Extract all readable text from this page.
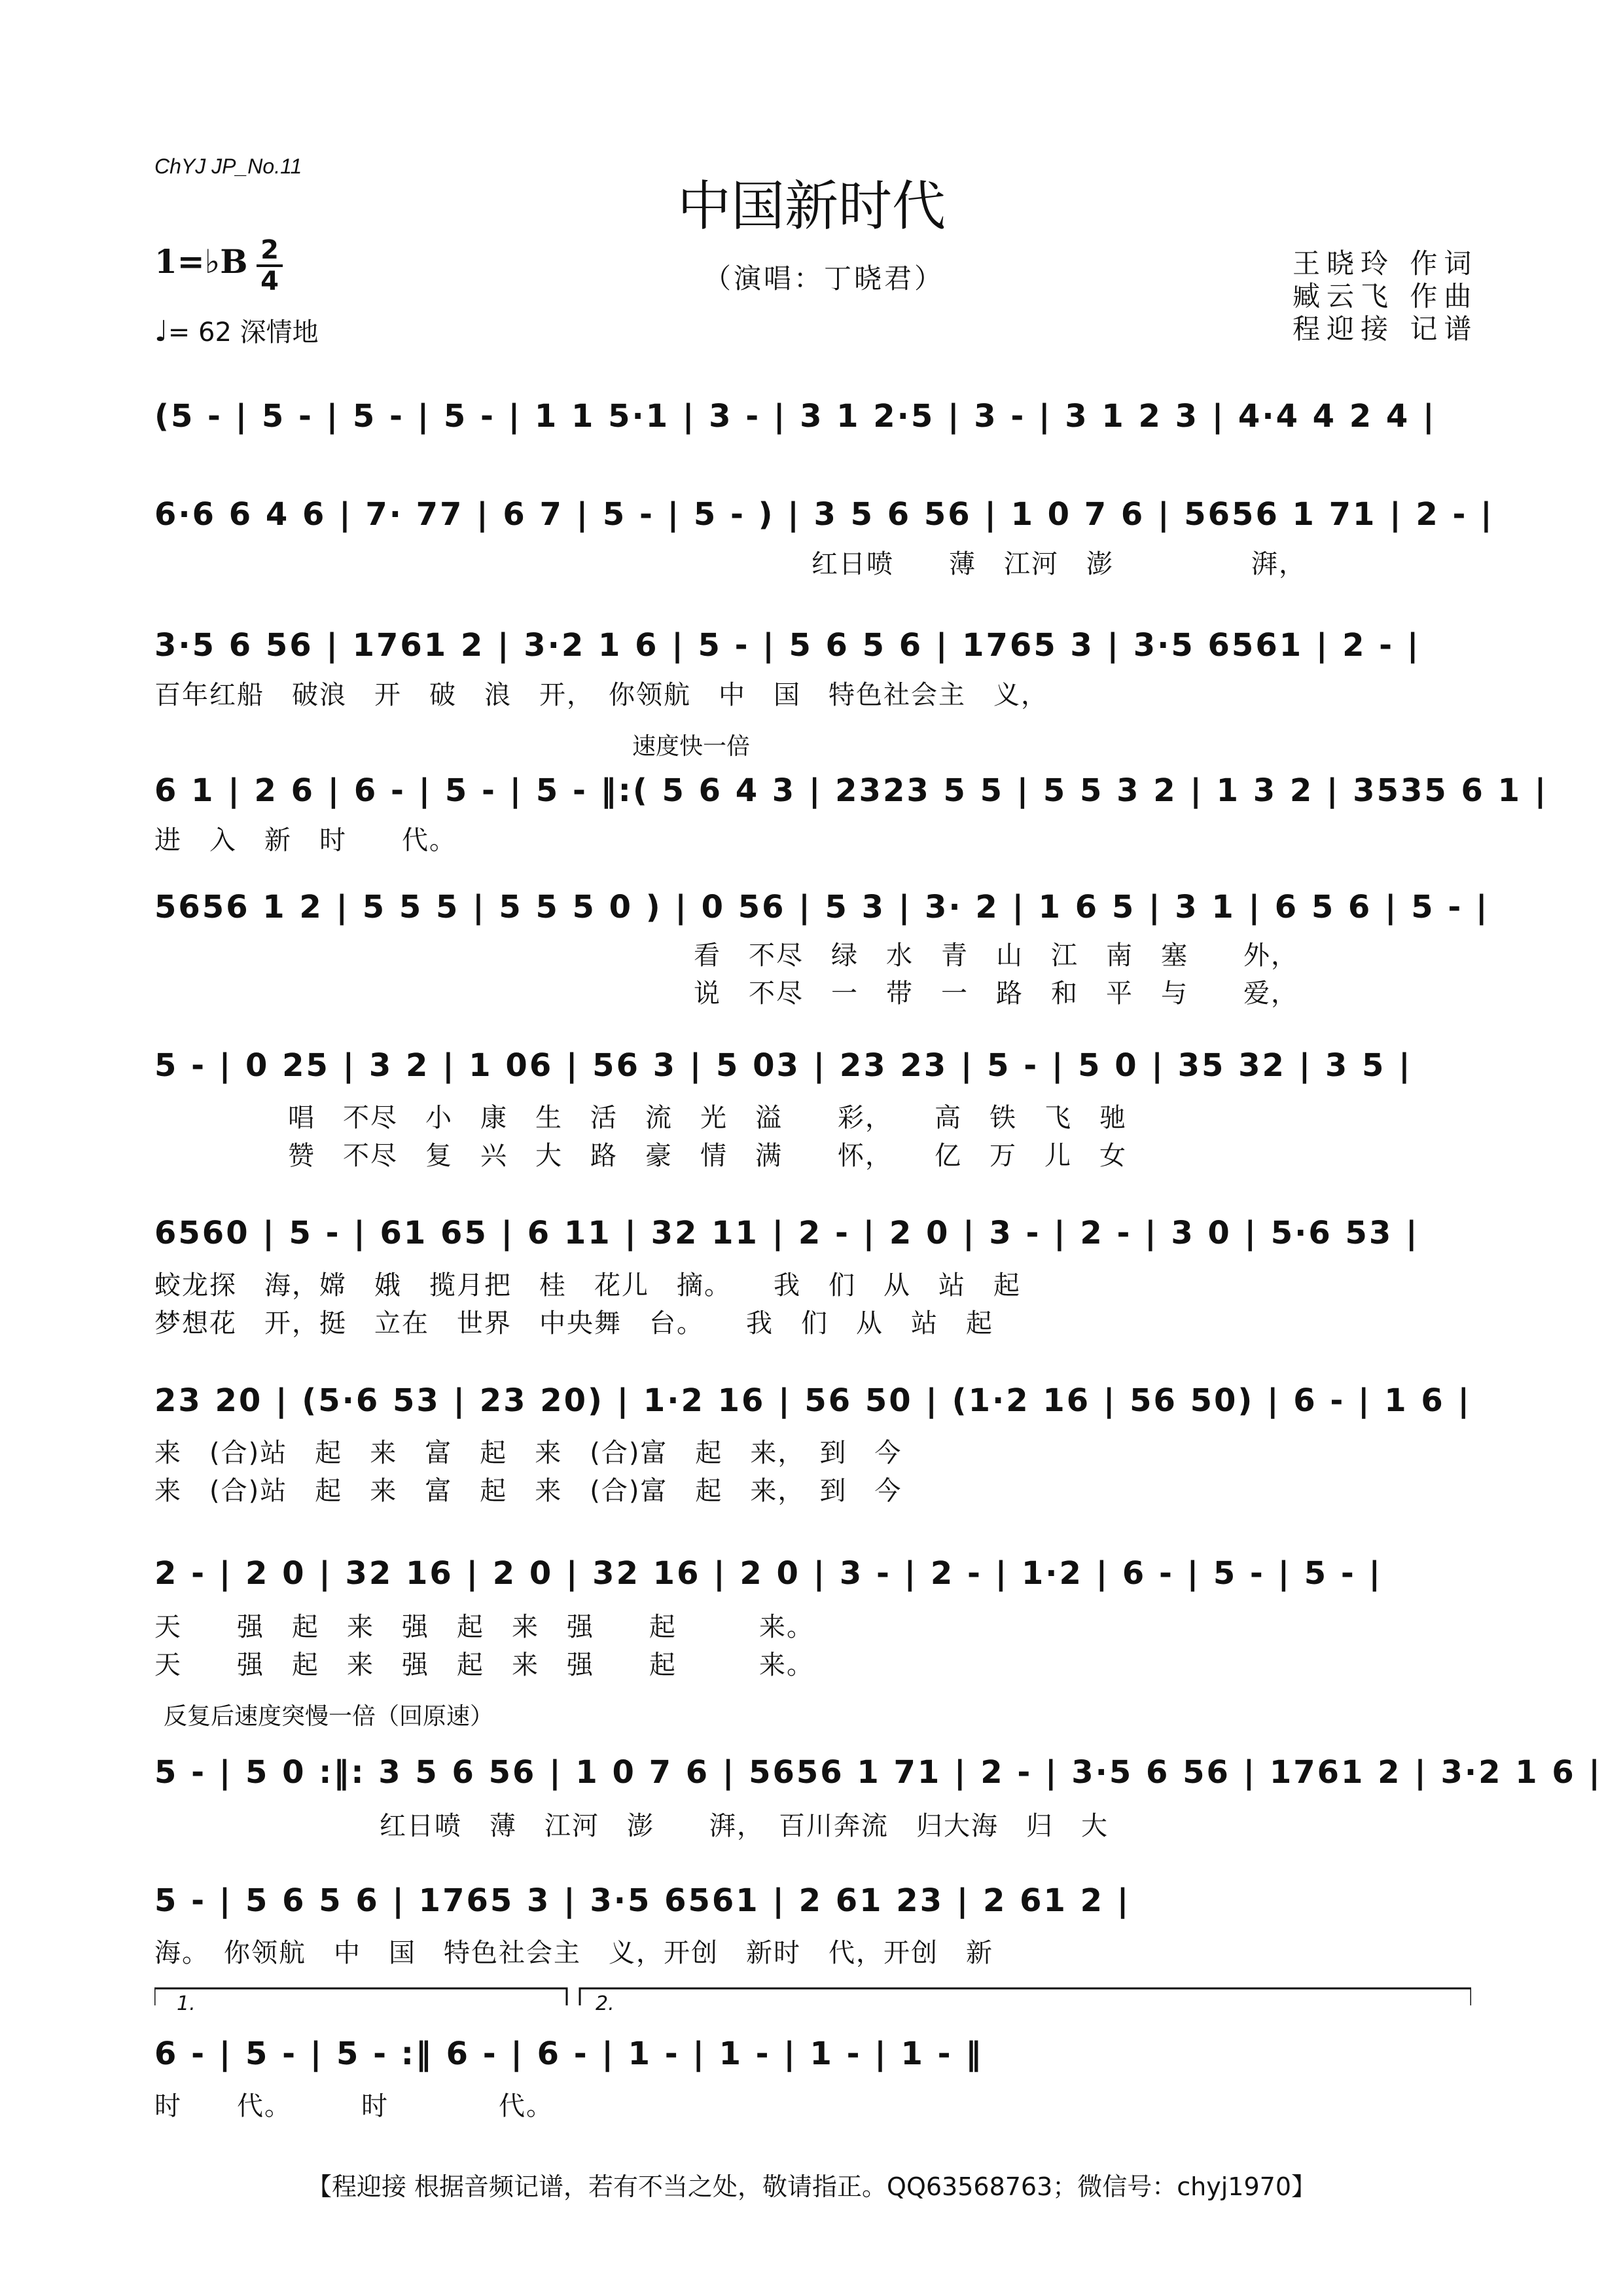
ChYJ JP_No.11
中国新时代
（演唱：丁晓君）	王晓玲 作词
臧云飞 作曲
程迎接 记谱
1=♭B 2
4
♩= 62 深情地
(5 - | 5 - | 5 - | 5 - | 1 1 5·1 | 3 - | 3 1 2·5 | 3 - | 3 1 2 3 | 4·4 4 2 4 |
6·6 6 4 6 | 7· 77 | 6 7 | 5 - | 5 - ) | 3 5 6 56 | 1 0 7 6 | 5656 1 71 | 2 - |
红日喷　　薄　江河　澎　　　　　湃，
3·5 6 56 | 1761 2 | 3·2 1 6 | 5 - | 5 6 5 6 | 1765 3 | 3·5 6561 | 2 - |
百年红船　破浪　开　破　浪　开，　你领航　中　国　特色社会主　义，
速度快一倍
6 1 | 2 6 | 6 - | 5 - | 5 - ‖:( 5 6 4 3 | 2323 5 5 | 5 5 3 2 | 1 3 2 | 3535 6 1 |
进　入　新　时　　代。
5656 1 2 | 5 5 5 | 5 5 5 0 ) | 0 56 | 5 3 | 3· 2 | 1 6 5 | 3 1 | 6 5 6 | 5 - |
看　不尽　绿　水　青　山　江　南　塞　　外，
说　不尽　一　带　一　路　和　平　与　　爱，
5 - | 0 25 | 3 2 | 1 06 | 56 3 | 5 03 | 23 23 | 5 - | 5 0 | 35 32 | 3 5 |
唱　不尽　小　康　生　活　流　光　溢　　彩，　　高　铁　飞　驰
赞　不尽　复　兴　大　路　豪　情　满　　怀，　　亿　万　儿　女
6560 | 5 - | 61 65 | 6 11 | 32 11 | 2 - | 2 0 | 3 - | 2 - | 3 0 | 5·6 53 |
蛟龙探　海，嫦　娥　揽月把　桂　花儿　摘。　　我　们　从　站　起
梦想花　开，挺　立在　世界　中央舞　台。　　我　们　从　站　起
23 20 | (5·6 53 | 23 20) | 1·2 16 | 56 50 | (1·2 16 | 56 50) | 6 - | 1 6 |
来　(合)站　起　来　富　起　来　(合)富　起　来，　到　今
来　(合)站　起　来　富　起　来　(合)富　起　来，　到　今
2 - | 2 0 | 32 16 | 2 0 | 32 16 | 2 0 | 3 - | 2 - | 1·2 | 6 - | 5 - | 5 - |
天　　强　起　来　强　起　来　强　　起　　　来。
天　　强　起　来　强　起　来　强　　起　　　来。
反复后速度突慢一倍（回原速）
5 - | 5 0 :‖: 3 5 6 56 | 1 0 7 6 | 5656 1 71 | 2 - | 3·5 6 56 | 1761 2 | 3·2 1 6 |
红日喷　薄　江河　澎　　湃，　百川奔流　归大海　归　大
5 - | 5 6 5 6 | 1765 3 | 3·5 6561 | 2 61 23 | 2 61 2 |
海。　你领航　中　国　特色社会主　义，开创　新时　代，开创　新
1.	2.
6 - | 5 - | 5 - :‖ 6 - | 6 - | 1 - | 1 - | 1 - | 1 - ‖
时　　代。　　　时　　　　代。
【程迎接 根据音频记谱，若有不当之处，敬请指正。QQ63568763；微信号：chyj1970】
